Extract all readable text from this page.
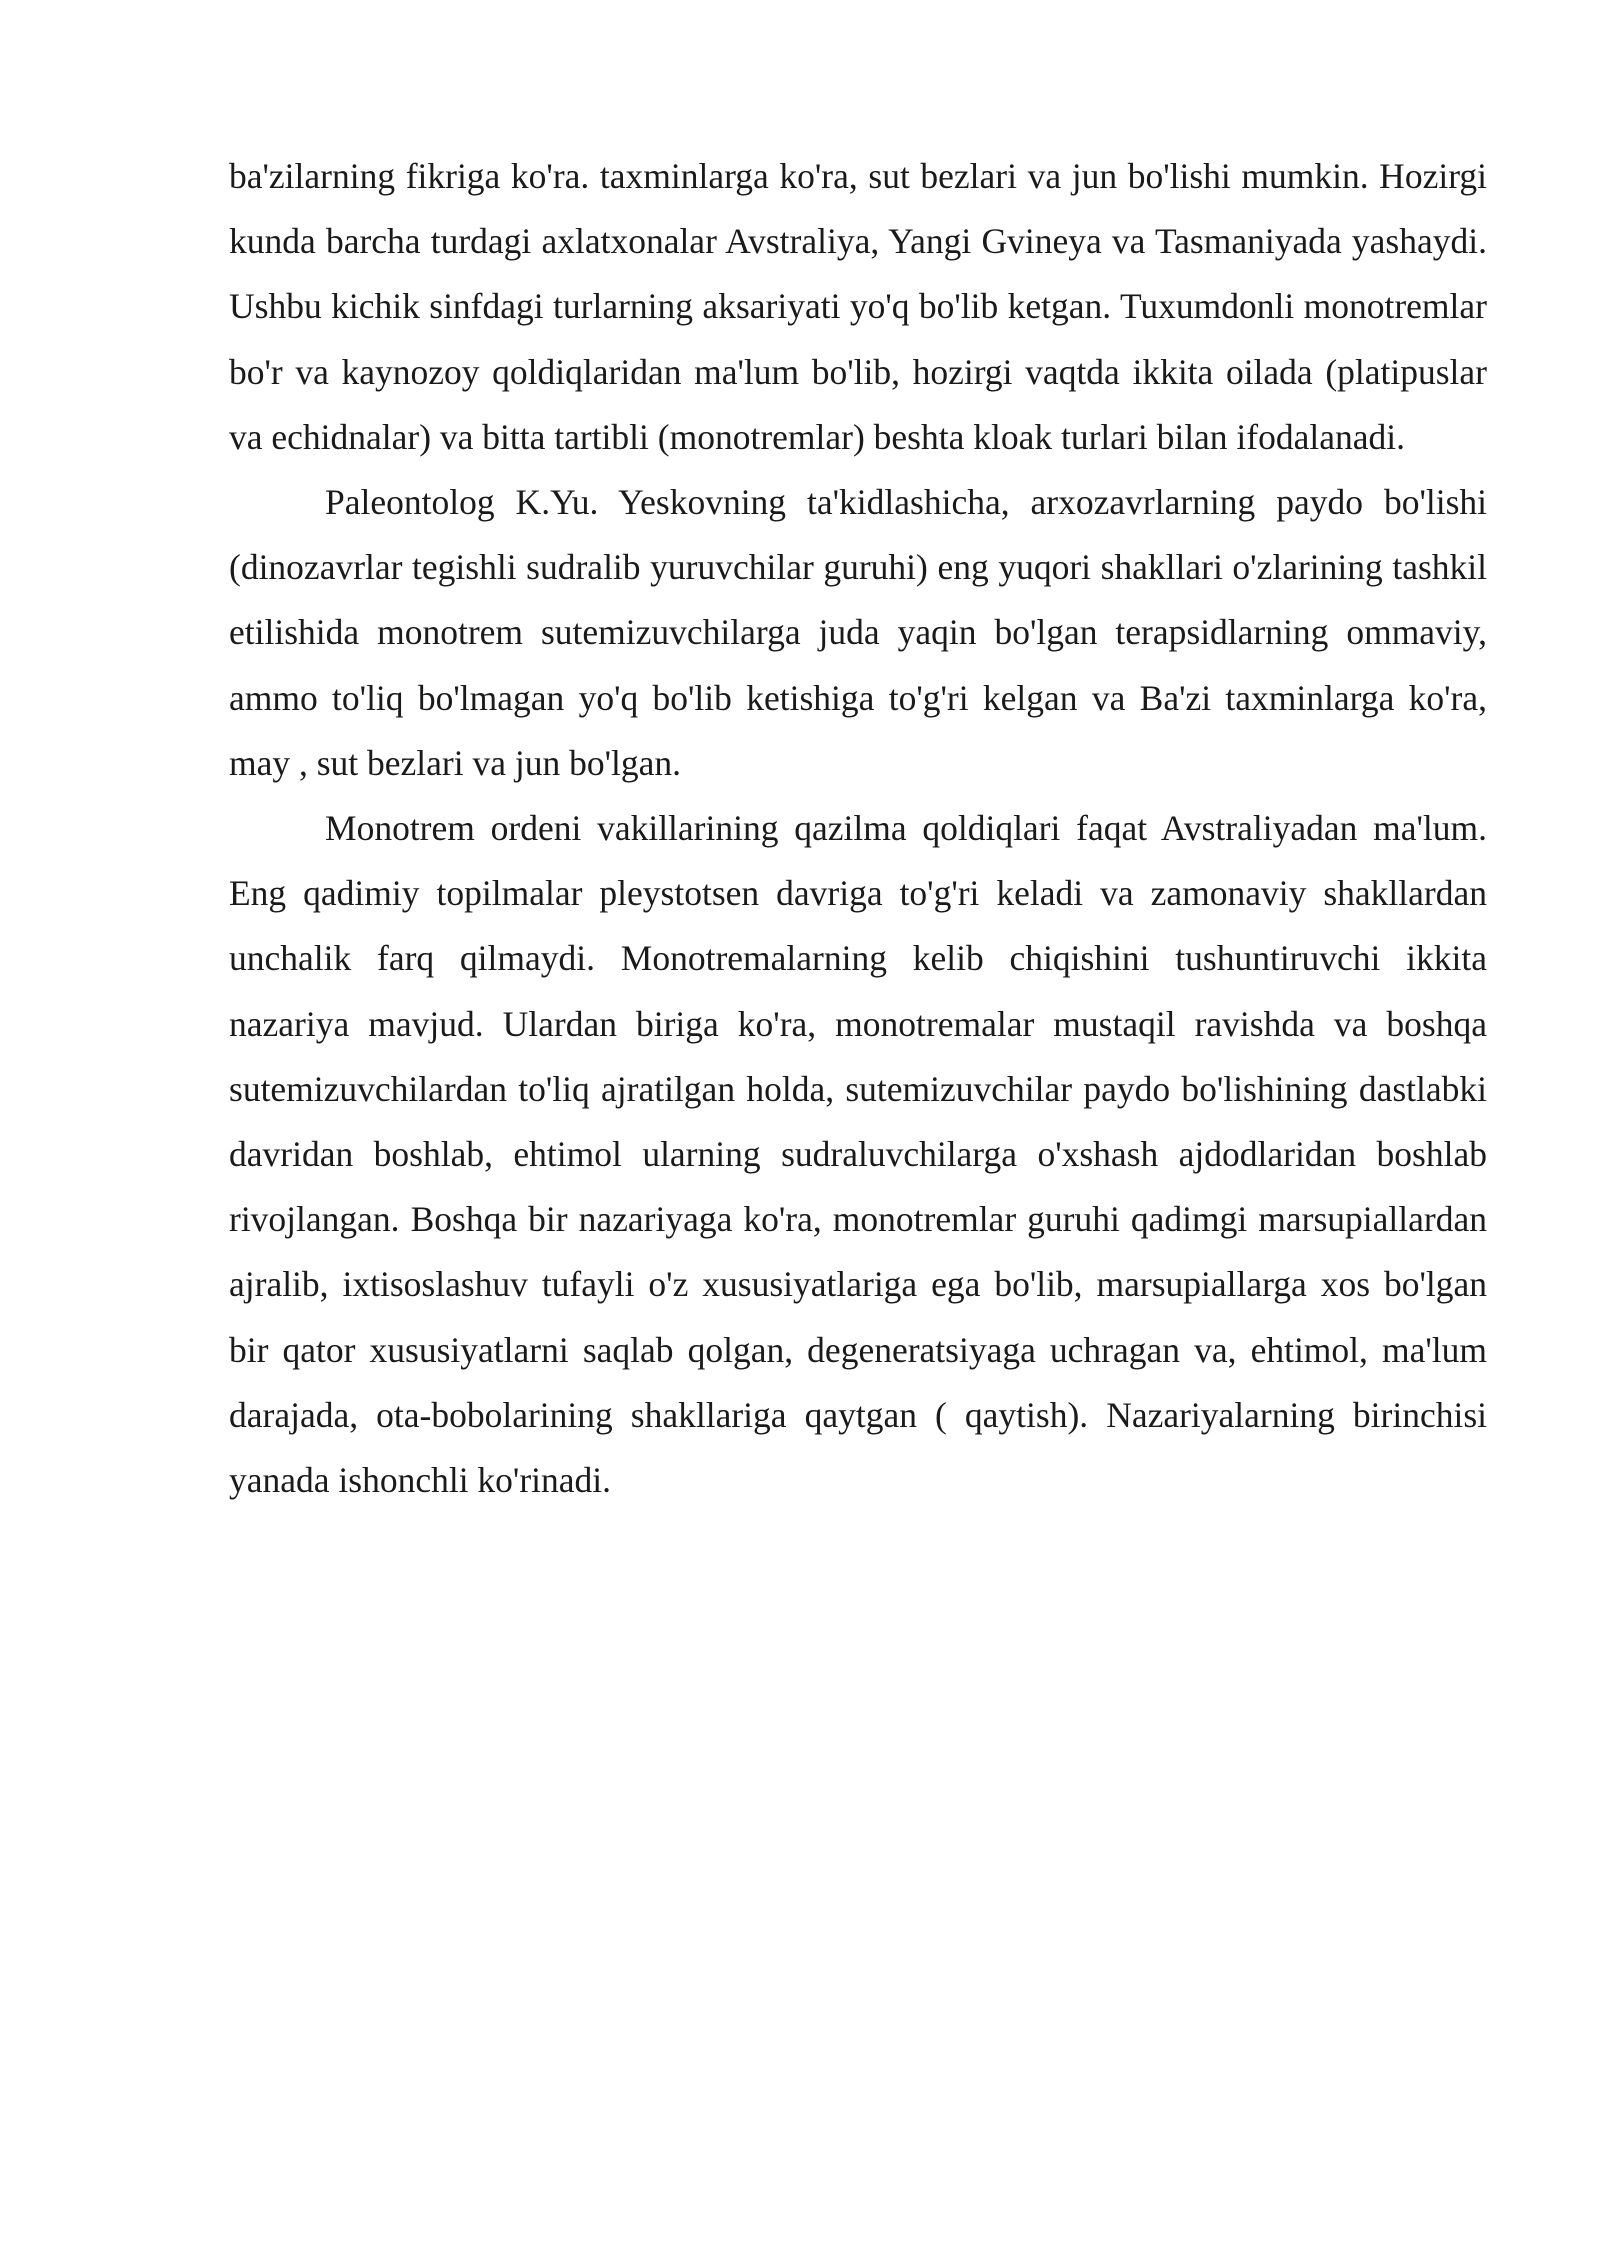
ba'zilarning fikriga ko'ra. taxminlarga ko'ra, sut bezlari va jun bo'lishi mumkin. Hozirgi kunda barcha turdagi axlatxonalar Avstraliya, Yangi Gvineya va Tasmaniyada yashaydi. Ushbu kichik sinfdagi turlarning aksariyati yo'q bo'lib ketgan. Tuxumdonli monotremlar bo'r va kaynozoy qoldiqlaridan ma'lum bo'lib, hozirgi vaqtda ikkita oilada (platipuslar va echidnalar) va bitta tartibli (monotremlar) beshta kloak turlari bilan ifodalanadi.

Paleontolog K.Yu. Yeskovning ta'kidlashicha, arxozavrlarning paydo bo'lishi (dinozavrlar tegishli sudralib yuruvchilar guruhi) eng yuqori shakllari o'zlarining tashkil etilishida monotrem sutemizuvchilarga juda yaqin bo'lgan terapsidlarning ommaviy, ammo to'liq bo'lmagan yo'q bo'lib ketishiga to'g'ri kelgan va Ba'zi taxminlarga ko'ra, may , sut bezlari va jun bo'lgan.

Monotrem ordeni vakillarining qazilma qoldiqlari faqat Avstraliyadan ma'lum. Eng qadimiy topilmalar pleystotsen davriga to'g'ri keladi va zamonaviy shakllardan unchalik farq qilmaydi. Monotremalarning kelib chiqishini tushuntiruvchi ikkita nazariya mavjud. Ulardan biriga ko'ra, monotremalar mustaqil ravishda va boshqa sutemizuvchilardan to'liq ajratilgan holda, sutemizuvchilar paydo bo'lishining dastlabki davridan boshlab, ehtimol ularning sudraluvchilarga o'xshash ajdodlaridan boshlab rivojlangan. Boshqa bir nazariyaga ko'ra, monotremlar guruhi qadimgi marsupiallardan ajralib, ixtisoslashuv tufayli o'z xususiyatlariga ega bo'lib, marsupiallarga xos bo'lgan bir qator xususiyatlarni saqlab qolgan, degeneratsiyaga uchragan va, ehtimol, ma'lum darajada, ota-bobolarining shakllariga qaytgan ( qaytish). Nazariyalarning birinchisi yanada ishonchli ko'rinadi.
